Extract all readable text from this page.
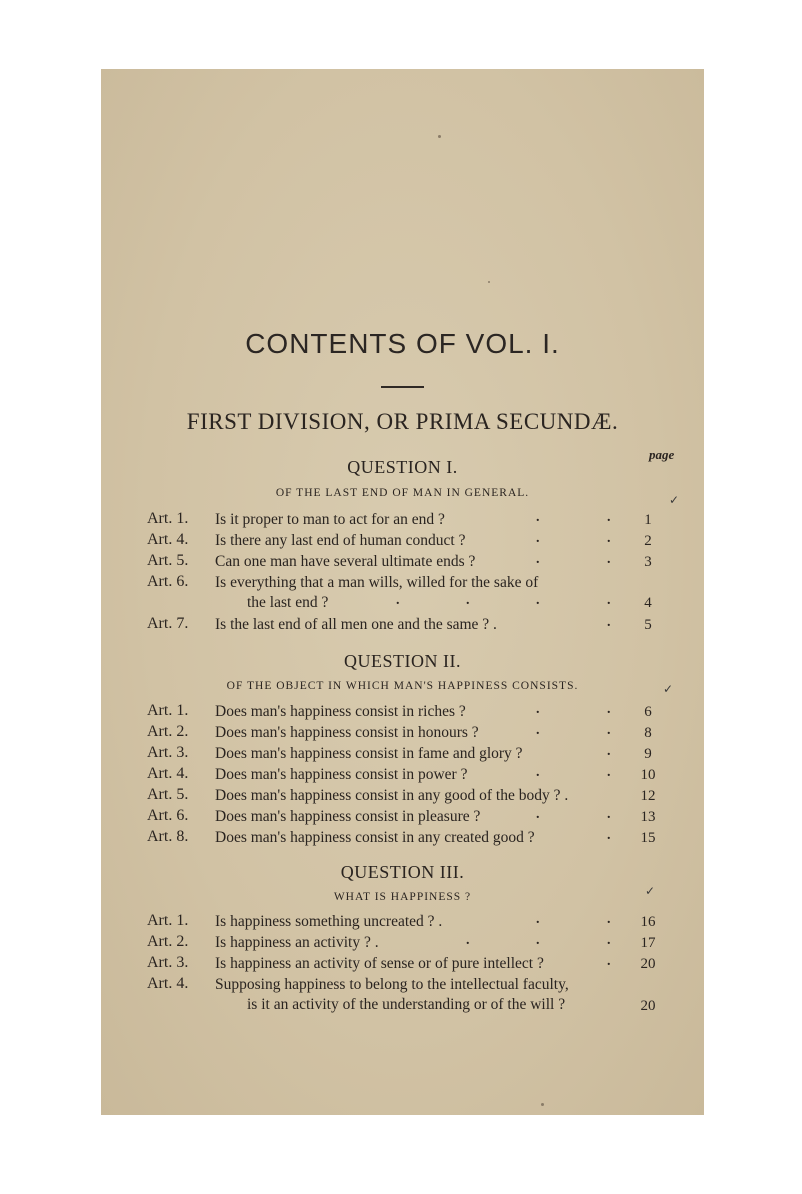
CONTENTS OF VOL. I.
FIRST DIVISION, OR PRIMA SECUNDÆ.
page
QUESTION I.
OF THE LAST END OF MAN IN GENERAL.	✓
Art. 1. Is it proper to man to act for an end ?	.	.	1
Art. 4. Is there any last end of human conduct ?	.	.	2
Art. 5. Can one man have several ultimate ends ?	.	.	3
Art. 6. Is everything that a man wills, willed for the sake of
the last end ?	.	.	.	.	4
Art. 7. Is the last end of all men one and the same ? .	.	5
QUESTION II.
OF THE OBJECT IN WHICH MAN'S HAPPINESS CONSISTS.	✓
Art. 1. Does man's happiness consist in riches ?	.	.	6
Art. 2. Does man's happiness consist in honours ?	.	.	8
Art. 3. Does man's happiness consist in fame and glory ?	.	9
Art. 4. Does man's happiness consist in power ?	.	.	10
Art. 5. Does man's happiness consist in any good of the body ? .	12
Art. 6. Does man's happiness consist in pleasure ?	.	.	13
Art. 8. Does man's happiness consist in any created good ?	.	15
QUESTION III.
WHAT IS HAPPINESS ?	✓
Art. 1. Is happiness something uncreated ? .	.	.	16
Art. 2. Is happiness an activity ? .	.	.	.	17
Art. 3. Is happiness an activity of sense or of pure intellect ?	.	20
Art. 4. Supposing happiness to belong to the intellectual faculty,
is it an activity of the understanding or of the will ?	20
